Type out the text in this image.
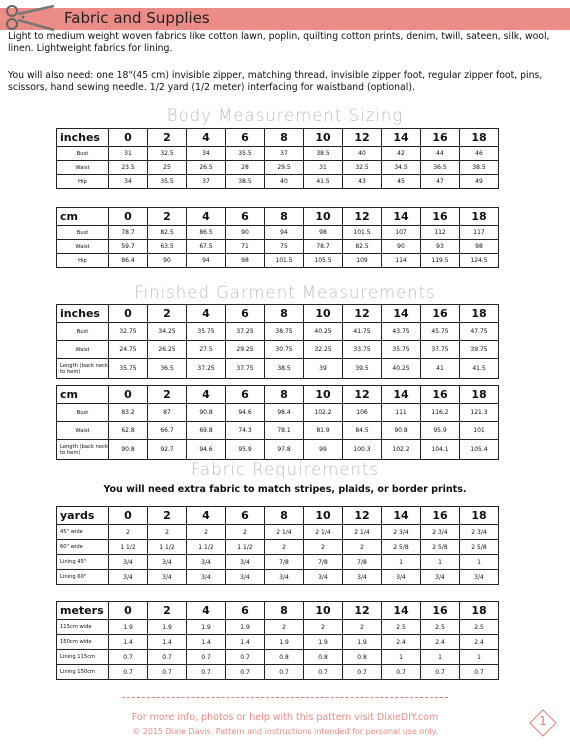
Fabric and Supplies
Light to medium weight woven fabrics like cotton lawn, poplin, quilting cotton prints, denim, twill, sateen, silk, wool, linen. Lightweight fabrics for lining.
You will also need: one 18"(45 cm) invisible zipper, matching thread, invisible zipper foot, regular zipper foot, pins, scissors, hand sewing needle. 1/2 yard (1/2 meter) interfacing for waistband (optional).
Body Measurement Sizing
inches	0	2	4	6	8	10	12	14	16	18
Bust	31	32.5	34	35.5	37	38.5	40	42	44	46
Waist	23.5	25	26.5	28	29.5	31	32.5	34.5	36.5	38.5
Hip	34	35.5	37	38.5	40	41.5	43	45	47	49
cm	0	2	4	6	8	10	12	14	16	18
Bust	78.7	82.5	86.5	90	94	98	101.5	107	112	117
Waist	59.7	63.5	67.5	71	75	78.7	82.5	90	93	98
Hip	86.4	90	94	98	101.5	105.5	109	114	119.5	124.5
Finished Garment Measurements
inches	0	2	4	6	8	10	12	14	16	18
Bust	32.75	34.25	35.75	37.25	38.75	40.25	41.75	43.75	45.75	47.75
Waist	24.75	26.25	27.5	29.25	30.75	32.25	33.75	35.75	37.75	39.75
Length (back neck to hem)	35.75	36.5	37.25	37.75	38.5	39	39.5	40.25	41	41.5
cm	0	2	4	6	8	10	12	14	16	18
Bust	83.2	87	90.8	94.6	98.4	102.2	106	111	116.2	121.3
Waist	62.8	66.7	69.8	74.3	78.1	81.9	84.5	90.8	95.9	101
Length (back neck to hem)	90.8	92.7	94.6	95.9	97.8	99	100.3	102.2	104.1	105.4
Fabric Requirements
You will need extra fabric to match stripes, plaids, or border prints.
yards	0	2	4	6	8	10	12	14	16	18
45" wide	2	2	2	2	2 1/4	2 1/4	2 1/4	2 3/4	2 3/4	2 3/4
60" wide	1 1/2	1 1/2	1 1/2	1 1/2	2	2	2	2 5/8	2 5/8	2 5/8
Lining 45"	3/4	3/4	3/4	3/4	7/8	7/8	7/8	1	1	1
Lining 60"	3/4	3/4	3/4	3/4	3/4	3/4	3/4	3/4	3/4	3/4
meters	0	2	4	6	8	10	12	14	16	18
115cm wide	1.9	1.9	1.9	1.9	2	2	2	2.5	2.5	2.5
150cm wide	1.4	1.4	1.4	1.4	1.9	1.9	1.9	2.4	2.4	2.4
Lining 115cm	0.7	0.7	0.7	0.7	0.8	0.8	0.8	1	1	1
Lining 150cm	0.7	0.7	0.7	0.7	0.7	0.7	0.7	0.7	0.7	0.7
For more info, photos or help with this pattern visit DixieDIY.com
© 2015 Dixie Davis. Pattern and instructions intended for personal use only.
1
